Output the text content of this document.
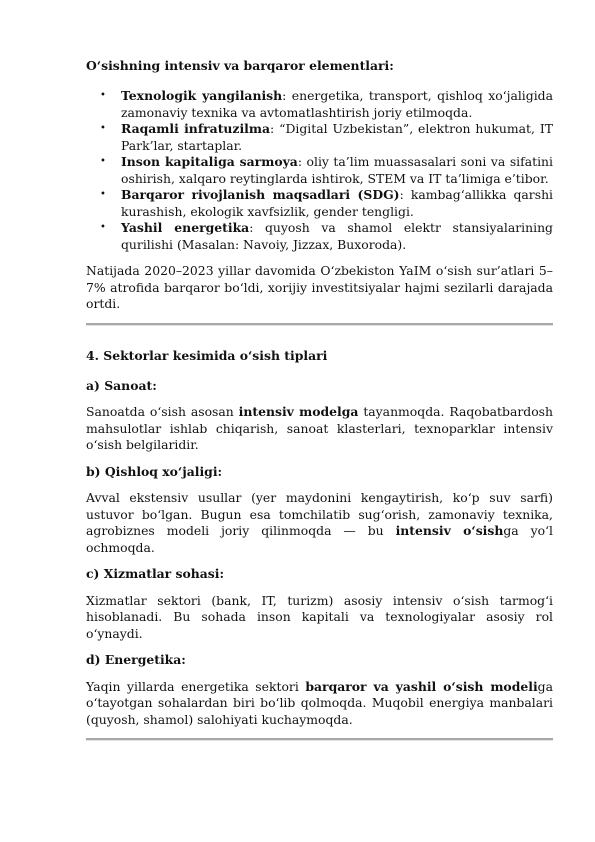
O‘sishning intensiv va barqaror elementlari:
• Texnologik yangilanish: energetika, transport, qishloq xo‘jaligida zamonaviy texnika va avtomatlashtirish joriy etilmoqda.
• Raqamli infratuzilma: “Digital Uzbekistan”, elektron hukumat, IT Park’lar, startaplar.
• Inson kapitaliga sarmoya: oliy ta’lim muassasalari soni va sifatini oshirish, xalqaro reytinglarda ishtirok, STEM va IT ta’limiga e’tibor.
• Barqaror rivojlanish maqsadlari (SDG): kambag‘allikka qarshi kurashish, ekologik xavfsizlik, gender tengligi.
• Yashil energetika: quyosh va shamol elektr stansiyalarining qurilishi (Masalan: Navoiy, Jizzax, Buxoroda).

Natijada 2020–2023 yillar davomida O‘zbekiston YaIM o‘sish sur’atlari 5–7% atrofida barqaror bo‘ldi, xorijiy investitsiyalar hajmi sezilarli darajada ortdi.

4. Sektorlar kesimida o‘sish tiplari

a) Sanoat:

Sanoatda o‘sish asosan intensiv modelga tayanmoqda. Raqobatbardosh mahsulotlar ishlab chiqarish, sanoat klasterlari, texnoparklar intensiv o‘sish belgilaridir.

b) Qishloq xo‘jaligi:

Avval ekstensiv usullar (yer maydonini kengaytirish, ko‘p suv sarfi) ustuvor bo‘lgan. Bugun esa tomchilatib sug‘orish, zamonaviy texnika, agrobiznes modeli joriy qilinmoqda — bu intensiv o‘sishga yo‘l ochmoqda.

c) Xizmatlar sohasi:

Xizmatlar sektori (bank, IT, turizm) asosiy intensiv o‘sish tarmog‘i hisoblanadi. Bu sohada inson kapitali va texnologiyalar asosiy rol o‘ynaydi.

d) Energetika:

Yaqin yillarda energetika sektori barqaror va yashil o‘sish modeliga o‘tayotgan sohalardan biri bo‘lib qolmoqda. Muqobil energiya manbalari (quyosh, shamol) salohiyati kuchaymoqda.
